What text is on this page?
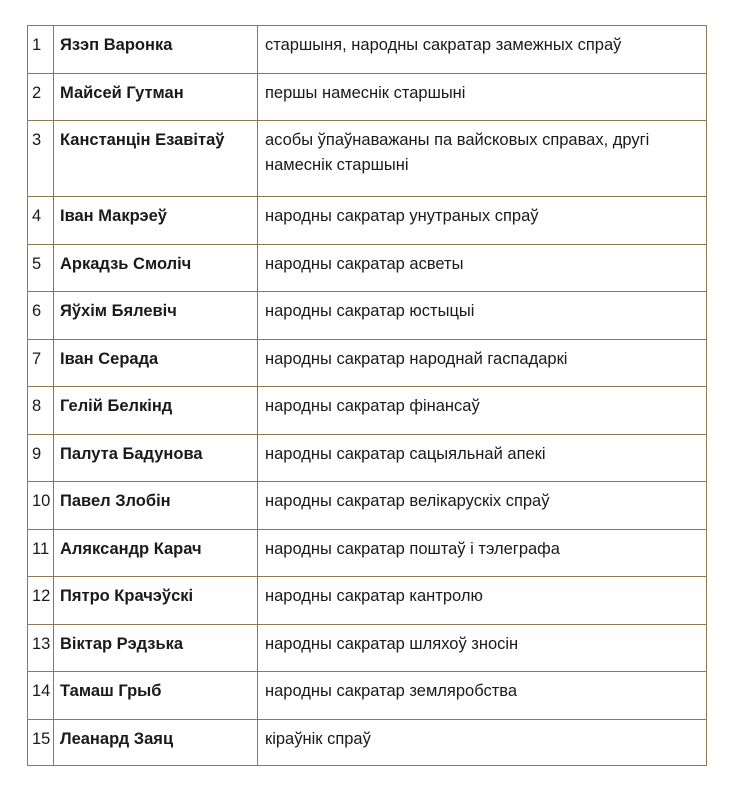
1	Язэп Варонка	старшыня, народны сакратар замежных спраў
2	Майсей Гутман	першы намеснік старшыні
3	Канстанцін Езавітаў	асобы ўпаўнаважаны па вайсковых справах, другі намеснік старшыні
4	Іван Макрэеў	народны сакратар унутраных спраў
5	Аркадзь Смоліч	народны сакратар асветы
6	Яўхім Бялевіч	народны сакратар юстыцыі
7	Іван Серада	народны сакратар народнай гаспадаркі
8	Гелій Белкінд	народны сакратар фінансаў
9	Палута Бадунова	народны сакратар сацыяльнай апекі
10	Павел Злобін	народны сакратар велікарускіх спраў
11	Аляксандр Карач	народны сакратар поштаў і тэлеграфа
12	Пятро Крачэўскі	народны сакратар кантролю
13	Віктар Рэдзька	народны сакратар шляхоў зносін
14	Тамаш Грыб	народны сакратар земляробства
15	Леанард Заяц	кіраўнік спраў
